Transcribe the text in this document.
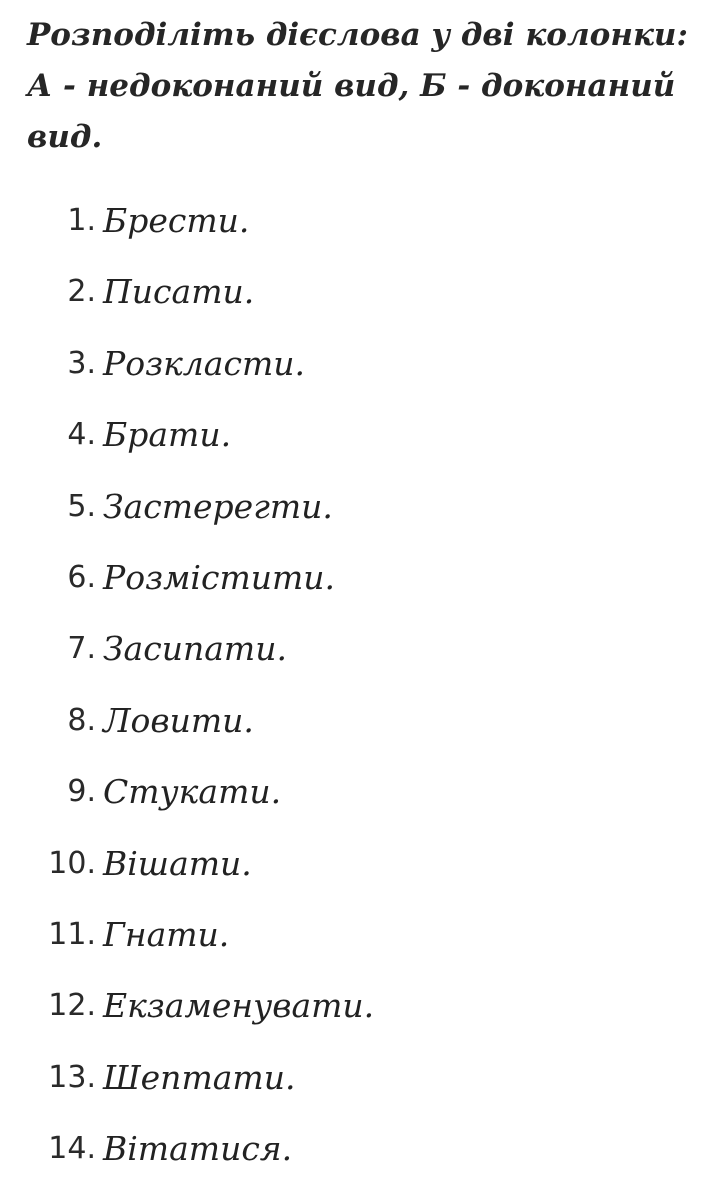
Розподіліть дієслова у дві колонки: А - недоконаний вид, Б - доконаний вид.
1. Брести.
2. Писати.
3. Розкласти.
4. Брати.
5. Застерегти.
6. Розмістити.
7. Засипати.
8. Ловити.
9. Стукати.
10. Вішати.
11. Гнати.
12. Екзаменувати.
13. Шептати.
14. Вітатися.
